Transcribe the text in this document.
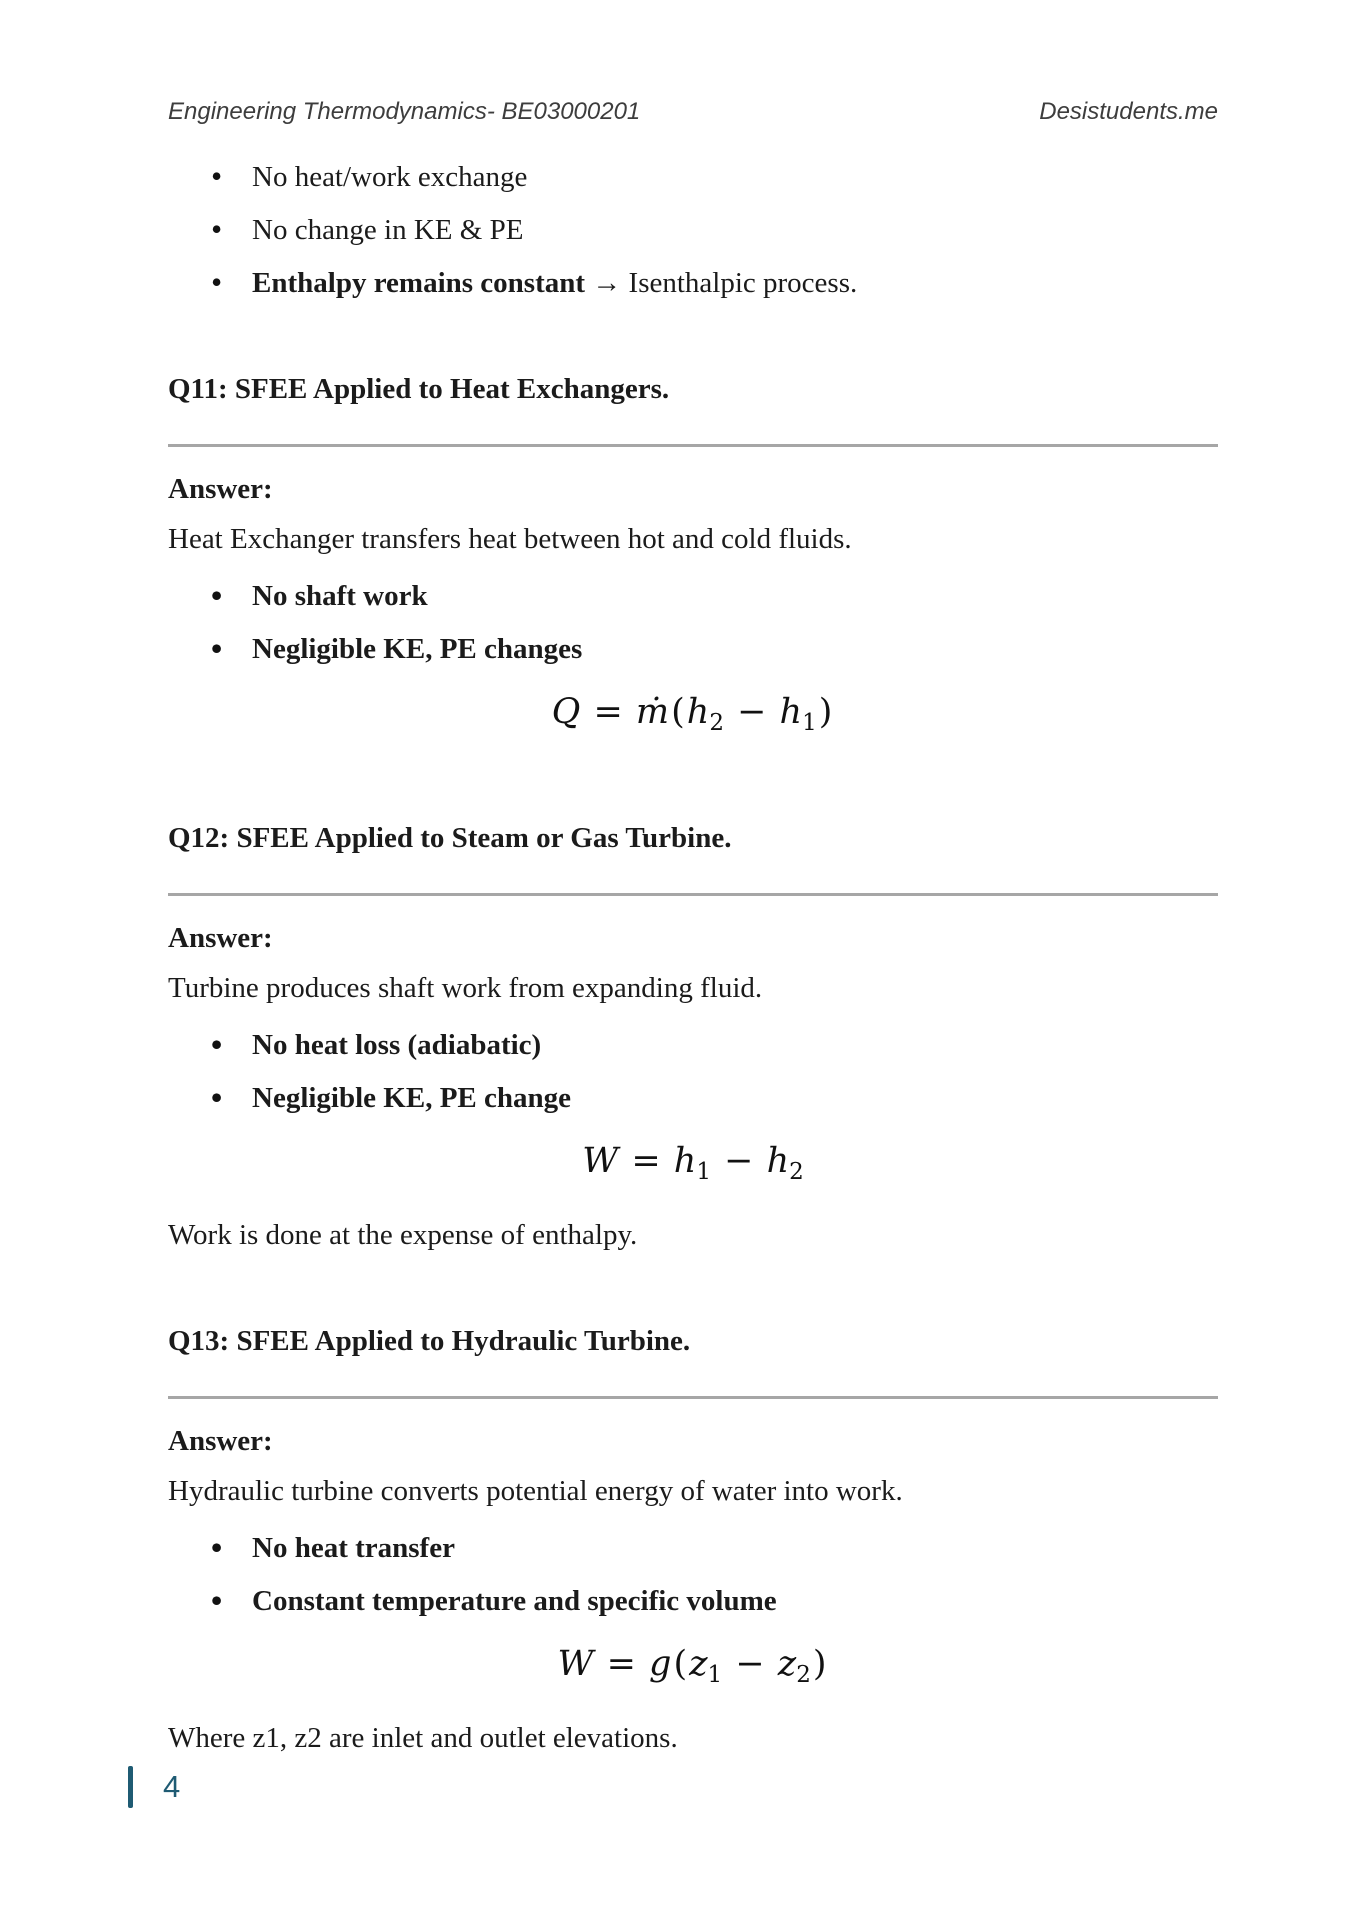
Engineering Thermodynamics- BE03000201	Desistudents.me
• No heat/work exchange
• No change in KE & PE
• Enthalpy remains constant → Isenthalpic process.
Q11: SFEE Applied to Heat Exchangers.

Answer:

Heat Exchanger transfers heat between hot and cold fluids.

• No shaft work
• Negligible KE, PE changes
$Q = ṁ(h_2 - h_1)$
Q12: SFEE Applied to Steam or Gas Turbine.

Answer:

Turbine produces shaft work from expanding fluid.

• No heat loss (adiabatic)
• Negligible KE, PE change
$W = h_1 - h_2$

Work is done at the expense of enthalpy.

Q13: SFEE Applied to Hydraulic Turbine.

Answer:

Hydraulic turbine converts potential energy of water into work.

• No heat transfer
• Constant temperature and specific volume
$W = g(z_1 - z_2)$

Where z1, z2 are inlet and outlet elevations.

4
